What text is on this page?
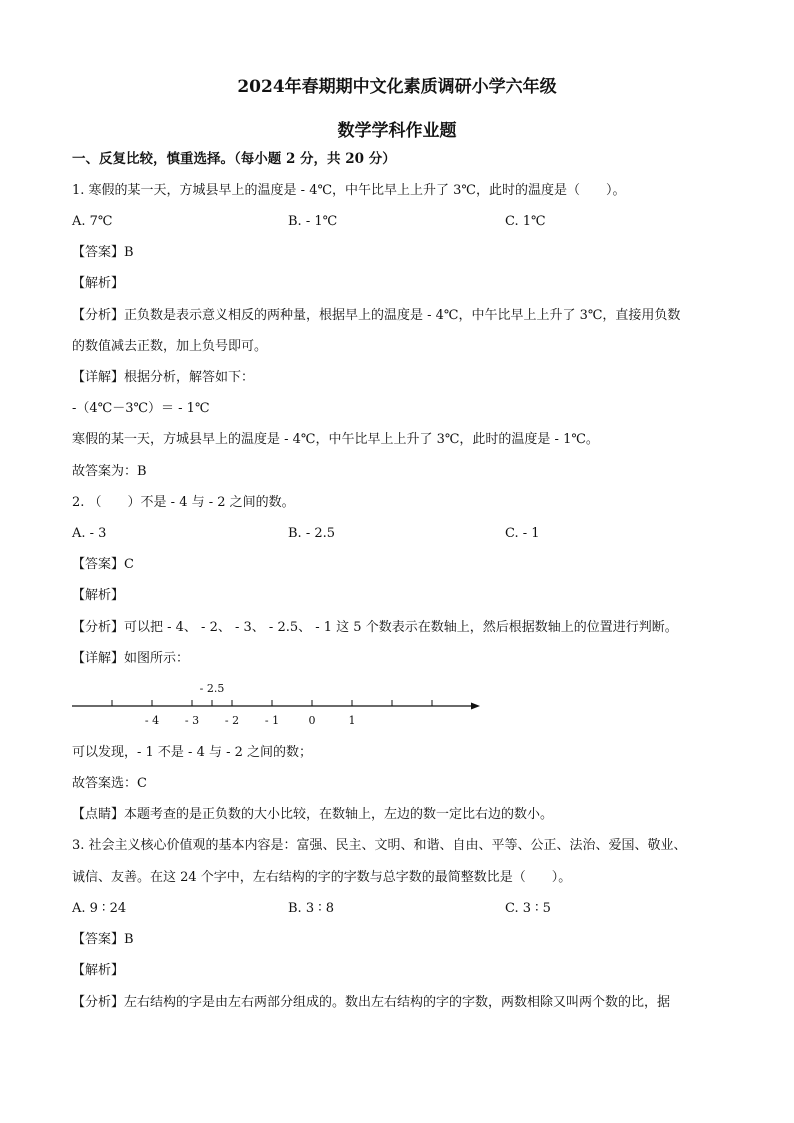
2024年春期期中文化素质调研小学六年级
数学学科作业题
一、反复比较，慎重选择。（每小题 2 分，共 20 分）
1. 寒假的某一天，方城县早上的温度是 - 4℃，中午比早上上升了 3℃，此时的温度是（　　）。
A. 7℃	B. - 1℃	C. 1℃
【答案】B
【解析】
【分析】正负数是表示意义相反的两种量，根据早上的温度是 - 4℃，中午比早上上升了 3℃，直接用负数
的数值减去正数，加上负号即可。
【详解】根据分析，解答如下：
-（4℃－3℃）＝ - 1℃
寒假的某一天，方城县早上的温度是 - 4℃，中午比早上上升了 3℃，此时的温度是 - 1℃。
故答案为：B
2. （　　）不是 - 4 与 - 2 之间的数。
A. - 3	B. - 2.5	C. - 1
【答案】C
【解析】
【分析】可以把 - 4、 - 2、 - 3、 - 2.5、 - 1 这 5 个数表示在数轴上，然后根据数轴上的位置进行判断。
【详解】如图所示：
- 4 - 3 - 2 - 1	0	1
- 2.5
可以发现，- 1 不是 - 4 与 - 2 之间的数；
故答案选：C
【点睛】本题考查的是正负数的大小比较，在数轴上，左边的数一定比右边的数小。
3. 社会主义核心价值观的基本内容是：富强、民主、文明、和谐、自由、平等、公正、法治、爱国、敬业、
诚信、友善。在这 24 个字中，左右结构的字的字数与总字数的最简整数比是（　　）。
A. 9 ∶ 24	B. 3 ∶ 8	C. 3 ∶ 5
【答案】B
【解析】
【分析】左右结构的字是由左右两部分组成的。数出左右结构的字的字数，两数相除又叫两个数的比，据
